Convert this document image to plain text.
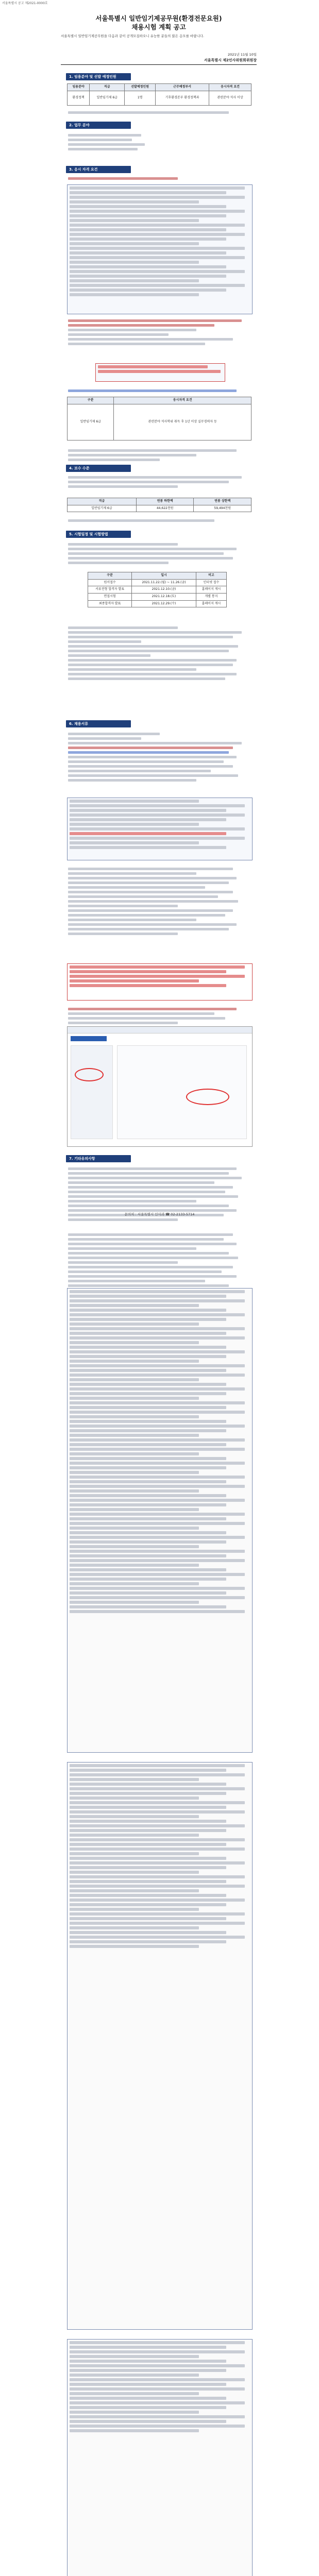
서울특별시 공고 제2021-0000호
서울특별시 일반임기제공무원(환경전문요원)
채용시험 계획 공고
서울특별시 일반임기제공무원을 다음과 같이 공개모집하오니 유능한 분들의 많은 응모를 바랍니다.
2021년 11월 10일
서울특별시 제2인사위원회위원장
1. 임용분야 및 선발 예정인원
임용분야	직급	선발예정인원	근무예정부서	응시자격 요건
환경정책	일반임기제 6급	1명	기후환경본부 환경정책과	관련분야 석사 이상
2. 업무 분야
3. 응시 자격 요건
구분	응시자격 요건
일반임기제 6급	관련분야 석사학위 취득 후 1년 이상 실무경력자 등
4. 보수 수준
직급	연봉 하한액	연봉 상한액
일반임기제 6급	44,622천원	59,494천원
5. 시험일정 및 시험방법
구분	일시	비고
원서접수	2021.11.22.(월) ~ 11.26.(금)	인터넷 접수
서류전형 합격자 발표	2021.12.10.(금)	홈페이지 게시
면접시험	2021.12.18.(토)	개별 통지
최종합격자 발표	2021.12.29.(수)	홈페이지 게시
6. 채용서류
7. 기타유의사항
문의처 : 서울특별시 인사과 ☎ 02-2133-5714
